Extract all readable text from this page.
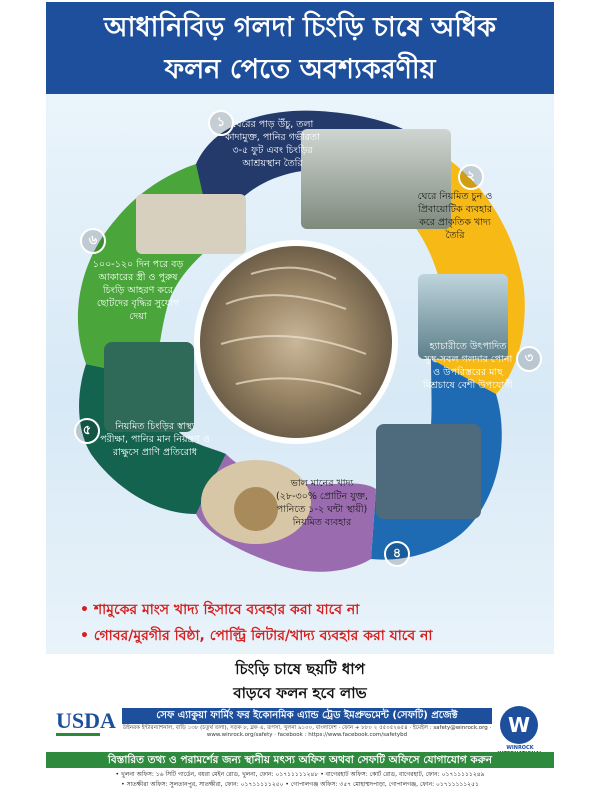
আধানিবিড় গলদা চিংড়ি চাষে অধিক
ফলন পেতে অবশ্যকরণীয়
১
২
৩
৪
৫
৬
ঘেরের পাড় উঁচু, তলা কাদামুক্ত, পানির গভীরতা ৩-৫ ফুট এবং চিংড়ির আশ্রয়স্থান তৈরি
ঘেরে নিয়মিত চুন ও প্রিবায়োটিক ব্যবহার করে প্রাকৃতিক খাদ্য তৈরি
হ্যাচারীতে উৎপাদিত সুস্থ-সবল গলদার পোনা ও উপরিস্তরের মাছ মিশ্রচাষে বেশী উপযোগী
ভাল মানের খাদ্য (২৮-৩০% প্রোটিন যুক্ত, পানিতে ১-২ ঘন্টা স্থায়ী) নিয়মিত ব্যবহার
নিয়মিত চিংড়ির স্বাস্থ্য পরীক্ষা, পানির মান নিয়ন্ত্রণ ও রাক্ষুসে প্রাণি প্রতিরোধ
১০০-১২০ দিন পরে বড় আকারের স্ত্রী ও পুরুষ চিংড়ি আহরণ করে ছোটদের বৃদ্ধির সুযোগ দেয়া
• শামুকের মাংস খাদ্য হিসাবে ব্যবহার করা যাবে না
• গোবর/মুরগীর বিষ্ঠা, পোল্ট্রি লিটার/খাদ্য ব্যবহার করা যাবে না
চিংড়ি চাষে ছয়টি ধাপ
বাড়বে ফলন হবে লাভ
USDA	সেফ এ্যাকুয়া ফার্মিং ফর ইকোনমিক এ্যান্ড ট্রেড ইমপ্রুভমেন্ট (সেফটি) প্রজেক্ট
উইনরক ইন্টারন্যাশনাল, বাড়ি ১৩৮ (চতুর্থ তলা), সড়ক ৮, ব্লক এ, রূপসা, খুলনা ৯১০০, বাংলাদেশ · ফোন + ৮৮০ ২ ৫৫০৫২৬৫৪ · ইমেইল : safety@winrock.org · www.winrock.org/safety · facebook : https://www.facebook.com/safetybd	W
WINROCK
বিস্তারিত তথ্য ও পরামর্শের জন্য স্থানীয় মৎস্য অফিস অথবা সেফটি অফিসে যোগাযোগ করুন
• খুলনা অফিস: ১৬ সিটি গার্ডেন, বয়রা মেইন রোড, খুলনা, ফোন: ০১৭১১১১১২৪৮ • বাগেরহাট অফিস: কোর্ট রোড, বাগেরহাট, ফোন: ০১৭১১১১১২৪৯
• সাতক্ষীরা অফিস: সুলতানপুর, সাতক্ষীরা, ফোন: ০১৭১১১১১২৫০ • গোপালগঞ্জ অফিস: ৩৫৭ মোহাম্মদপাড়া, গোপালগঞ্জ, ফোন: ০১৭১১১১১২৫১
